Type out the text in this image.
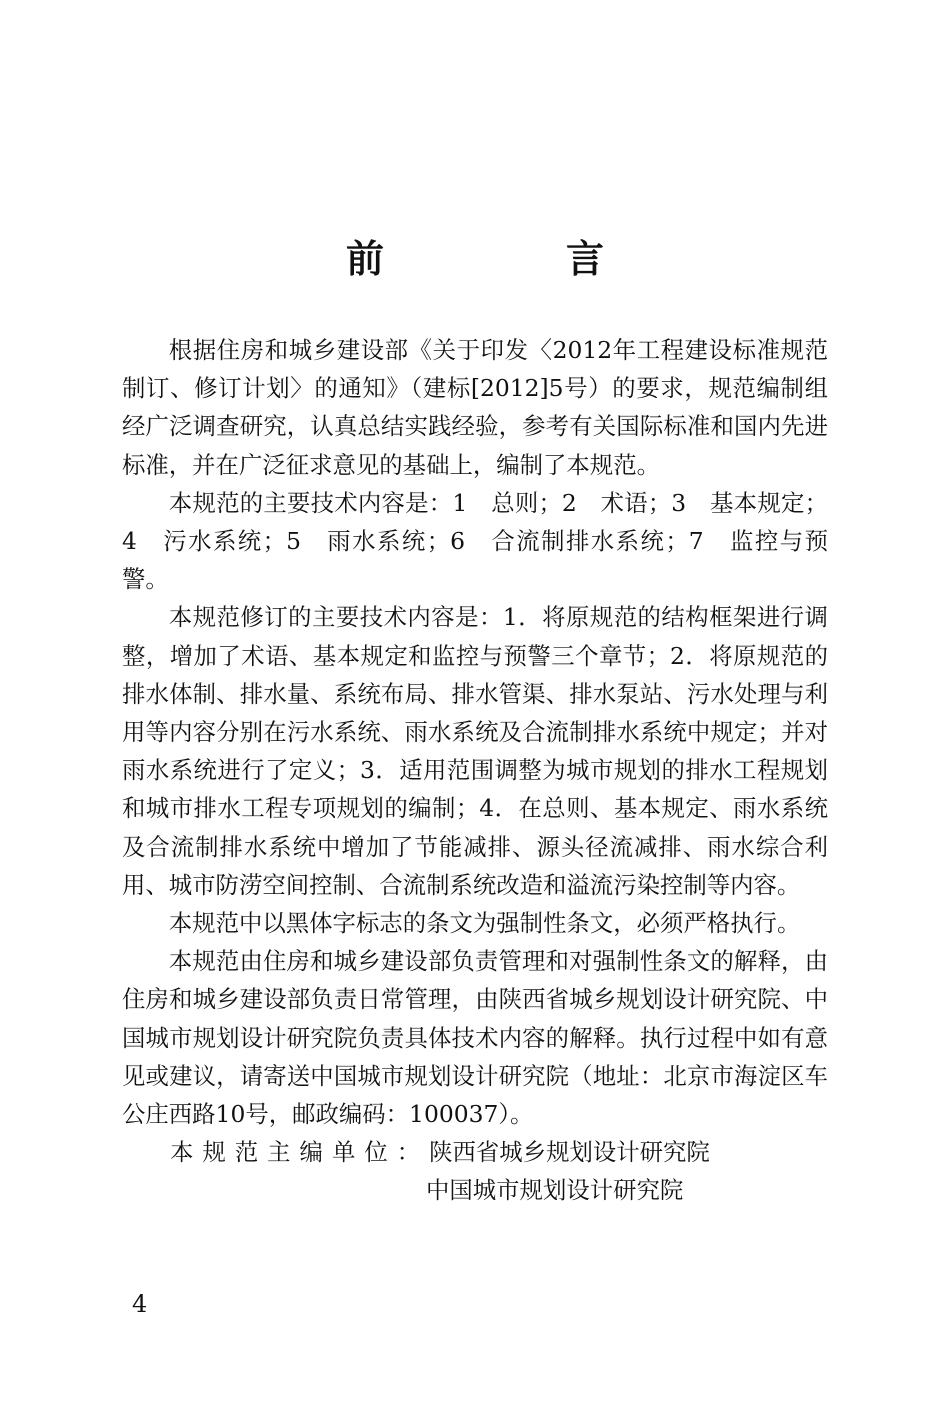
前　言

根据住房和城乡建设部《关于印发〈2012年工程建设标准规范制订、修订计划〉的通知》（建标[2012]5号）的要求，规范编制组经广泛调查研究，认真总结实践经验，参考有关国际标准和国内先进标准，并在广泛征求意见的基础上，编制了本规范。

本规范的主要技术内容是：1　总则；2　术语；3　基本规定；4　污水系统；5　雨水系统；6　合流制排水系统；7　监控与预警。

本规范修订的主要技术内容是：1．将原规范的结构框架进行调整，增加了术语、基本规定和监控与预警三个章节；2．将原规范的排水体制、排水量、系统布局、排水管渠、排水泵站、污水处理与利用等内容分别在污水系统、雨水系统及合流制排水系统中规定；并对雨水系统进行了定义；3．适用范围调整为城市规划的排水工程规划和城市排水工程专项规划的编制；4．在总则、基本规定、雨水系统及合流制排水系统中增加了节能减排、源头径流减排、雨水综合利用、城市防涝空间控制、合流制系统改造和溢流污染控制等内容。

本规范中以黑体字标志的条文为强制性条文，必须严格执行。

本规范由住房和城乡建设部负责管理和对强制性条文的解释，由住房和城乡建设部负责日常管理，由陕西省城乡规划设计研究院、中国城市规划设计研究院负责具体技术内容的解释。执行过程中如有意见或建议，请寄送中国城市规划设计研究院（地址：北京市海淀区车公庄西路10号，邮政编码：100037）。

本规范主编单位：陕西省城乡规划设计研究院

中国城市规划设计研究院

4
